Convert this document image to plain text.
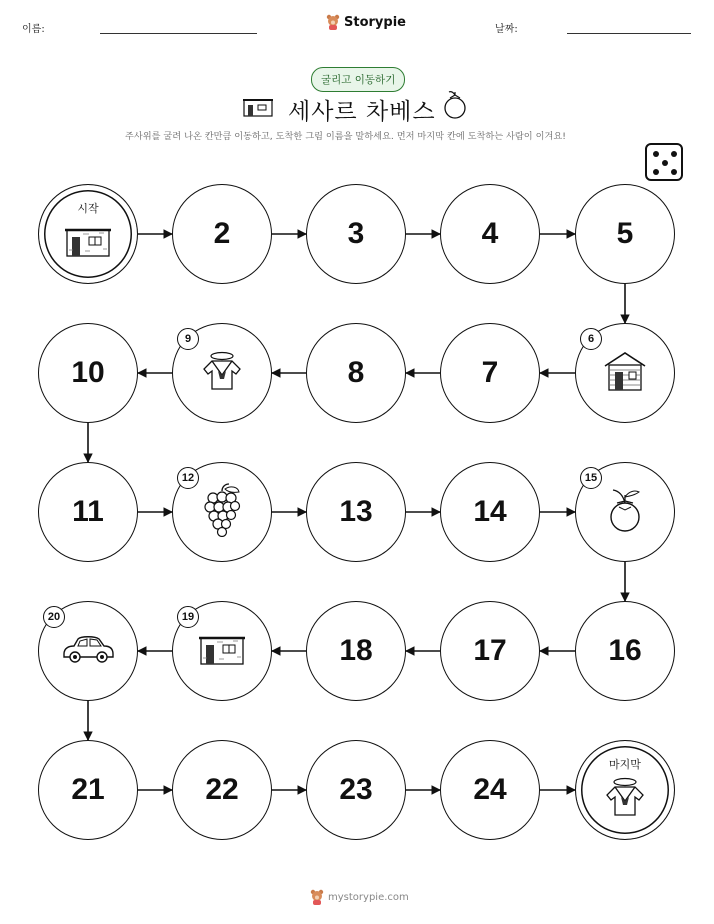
이름:	Storypie	날짜:
굴리고 이동하기
세사르 차베스
주사위를 굴려 나온 칸만큼 이동하고, 도착한 그림 이름을 말하세요. 먼저 마지막 칸에 도착하는 사람이 이겨요!
시작
2	3	4	5
6
7
8
9
10
11
12
13	14
15
16
17
18
19
20
21	22	23	24
마지막
mystorypie.com
